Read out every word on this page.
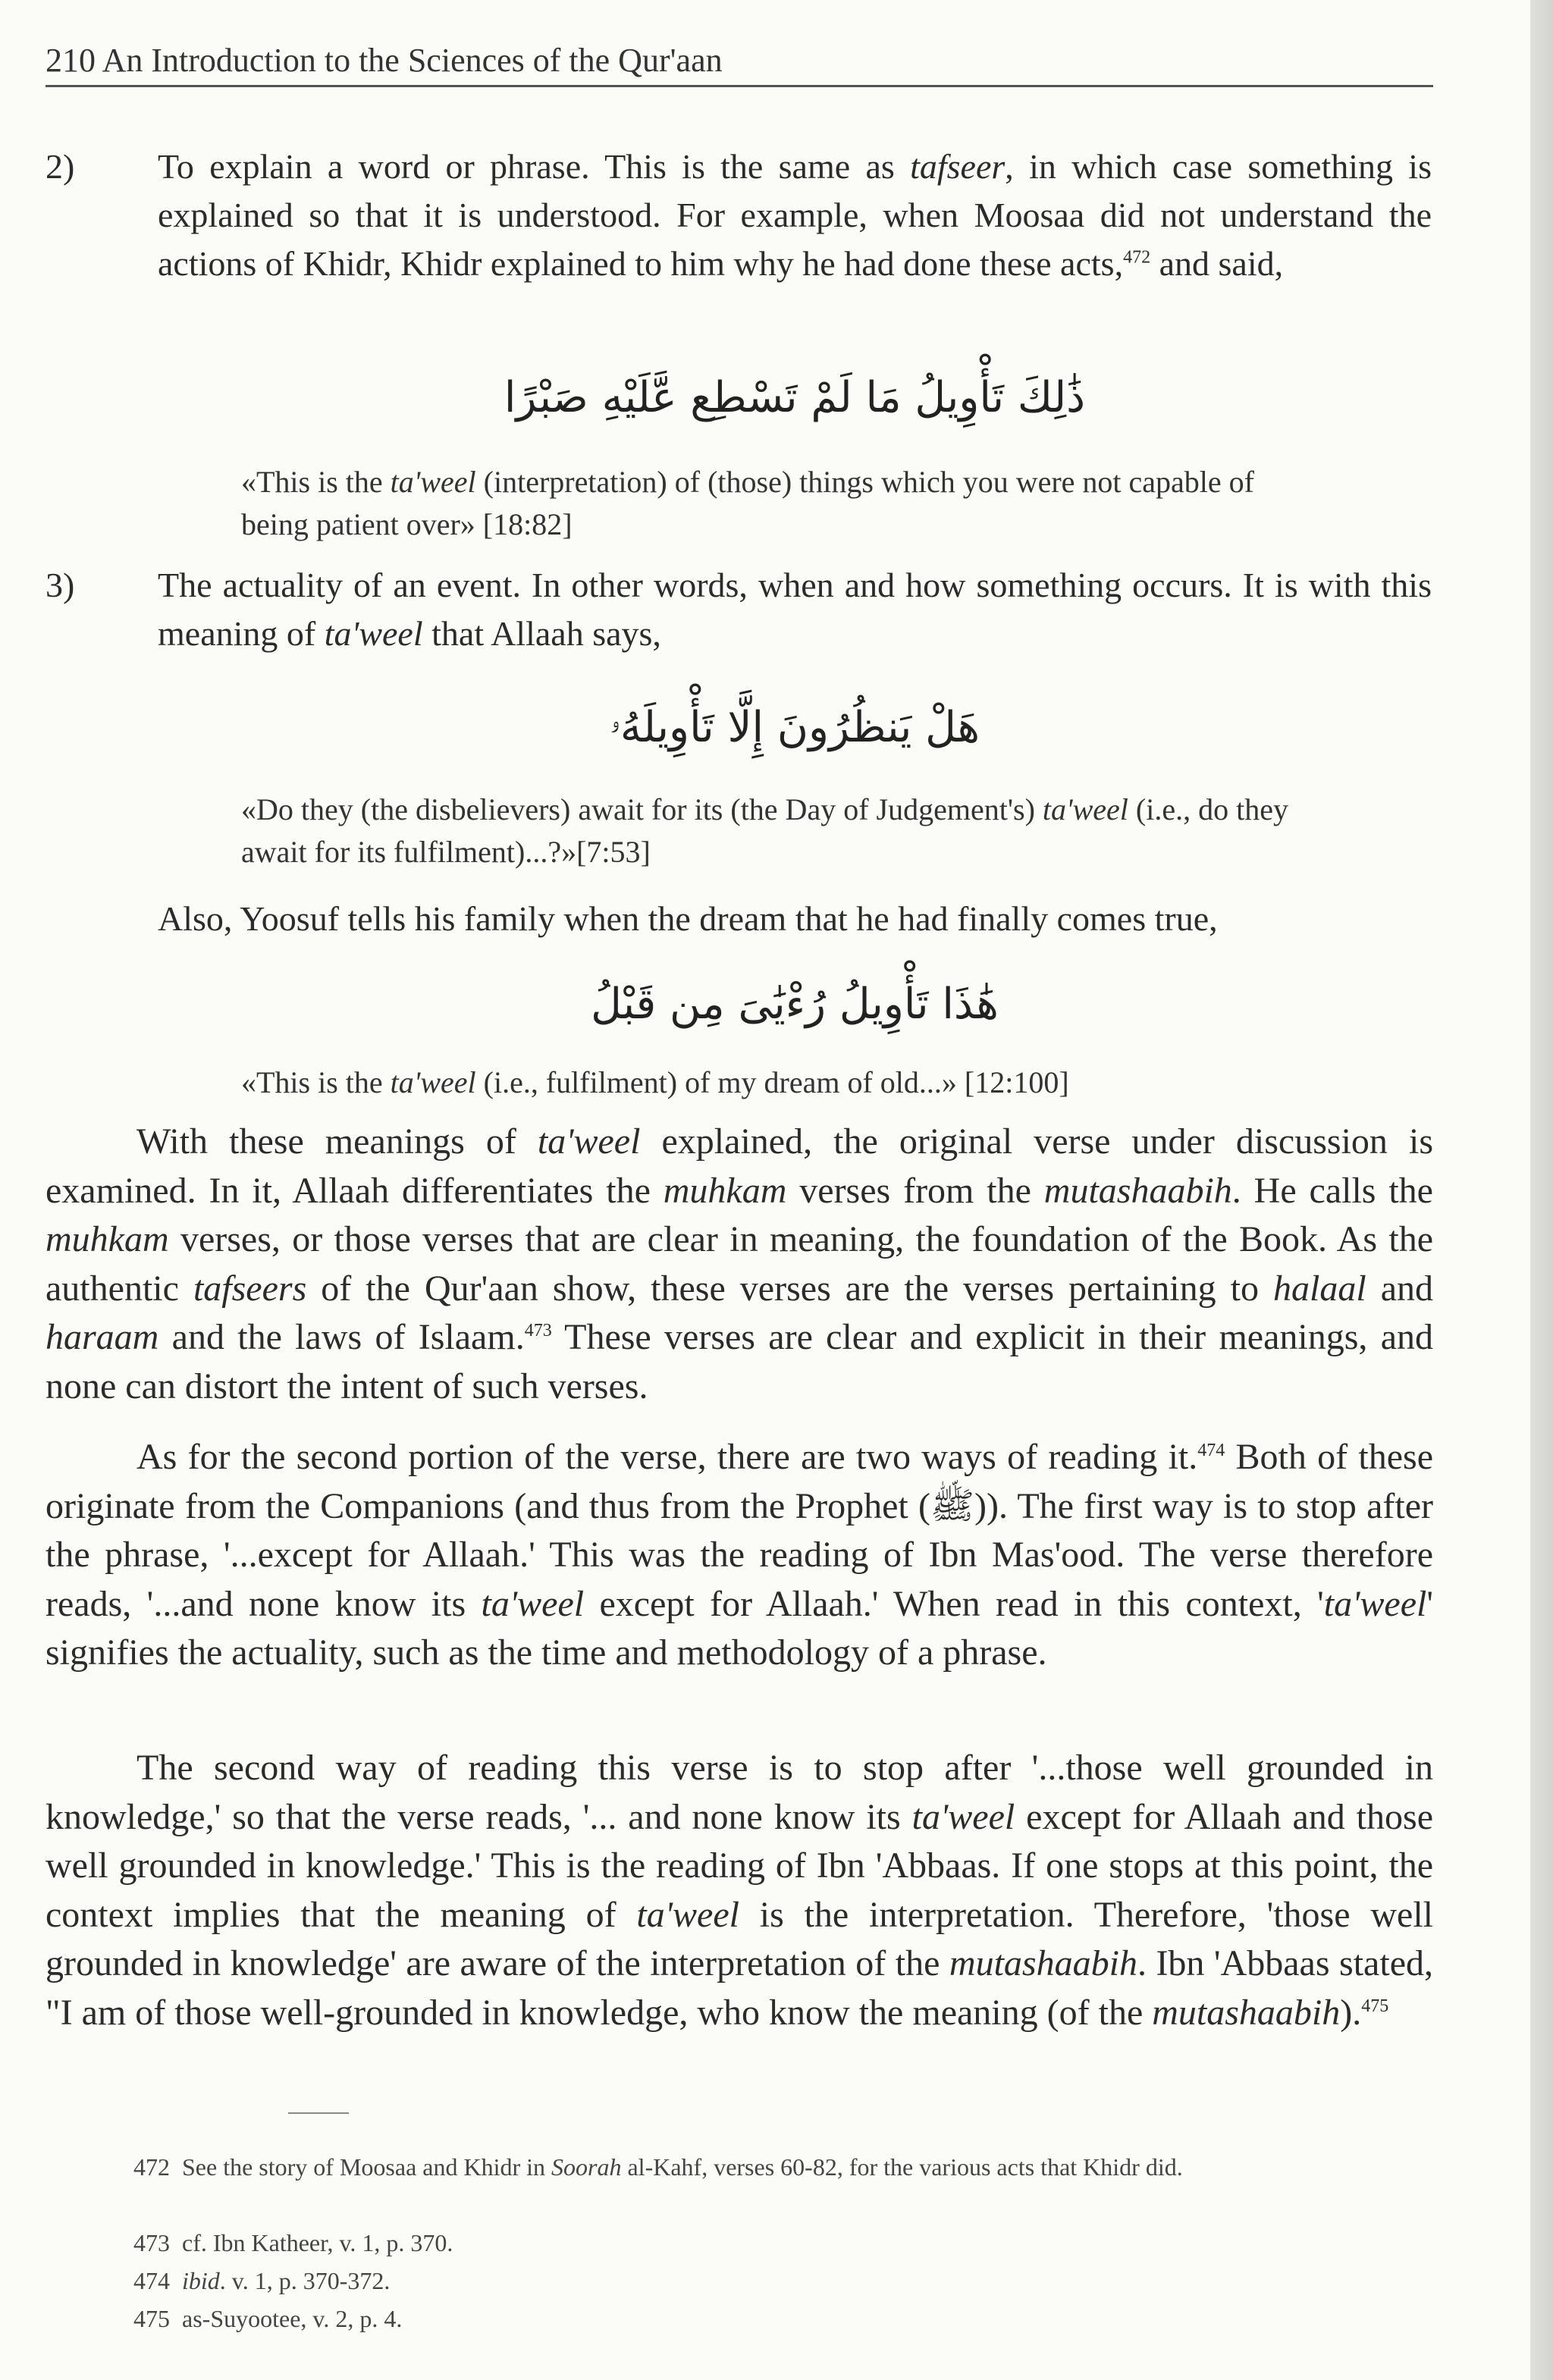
210 An Introduction to the Sciences of the Qur'aan
2) To explain a word or phrase. This is the same as tafseer, in which case something is explained so that it is understood. For example, when Moosaa did not understand the actions of Khidr, Khidr explained to him why he had done these acts,$^{472}$ and said,
ذَٰلِكَ تَأْوِيلُ مَا لَمْ تَسْطِع عَّلَيْهِ صَبْرًا
«This is the ta'weel (interpretation) of (those) things which you were not capable of being patient over» [18:82]
3) The actuality of an event. In other words, when and how something occurs. It is with this meaning of ta'weel that Allaah says,
هَلْ يَنظُرُونَ إِلَّا تَأْوِيلَهُۥ
«Do they (the disbelievers) await for its (the Day of Judgement's) ta'weel (i.e., do they await for its fulfilment)...?»[7:53]
Also, Yoosuf tells his family when the dream that he had finally comes true,
هَٰذَا تَأْوِيلُ رُءْيَٰىَ مِن قَبْلُ
«This is the ta'weel (i.e., fulfilment) of my dream of old...» [12:100]
With these meanings of ta'weel explained, the original verse under discussion is examined. In it, Allaah differentiates the muhkam verses from the mutashaabih. He calls the muhkam verses, or those verses that are clear in meaning, the foundation of the Book. As the authentic tafseers of the Qur'aan show, these verses are the verses pertaining to halaal and haraam and the laws of Islaam.$^{473}$ These verses are clear and explicit in their meanings, and none can distort the intent of such verses.
As for the second portion of the verse, there are two ways of reading it.$^{474}$ Both of these originate from the Companions (and thus from the Prophet (ﷺ)). The first way is to stop after the phrase, '...except for Allaah.' This was the reading of Ibn Mas'ood. The verse therefore reads, '...and none know its ta'weel except for Allaah.' When read in this context, 'ta'weel' signifies the actuality, such as the time and methodology of a phrase.
The second way of reading this verse is to stop after '...those well grounded in knowledge,' so that the verse reads, '... and none know its ta'weel except for Allaah and those well grounded in knowledge.' This is the reading of Ibn 'Abbaas. If one stops at this point, the context implies that the meaning of ta'weel is the interpretation. Therefore, 'those well grounded in knowledge' are aware of the interpretation of the mutashaabih. Ibn 'Abbaas stated, "I am of those well-grounded in knowledge, who know the meaning (of the mutashaabih).$^{475}$
472 See the story of Moosaa and Khidr in Soorah al-Kahf, verses 60-82, for the various acts that Khidr did.
473 cf. Ibn Katheer, v. 1, p. 370.
474 ibid. v. 1, p. 370-372.
475 as-Suyootee, v. 2, p. 4.
